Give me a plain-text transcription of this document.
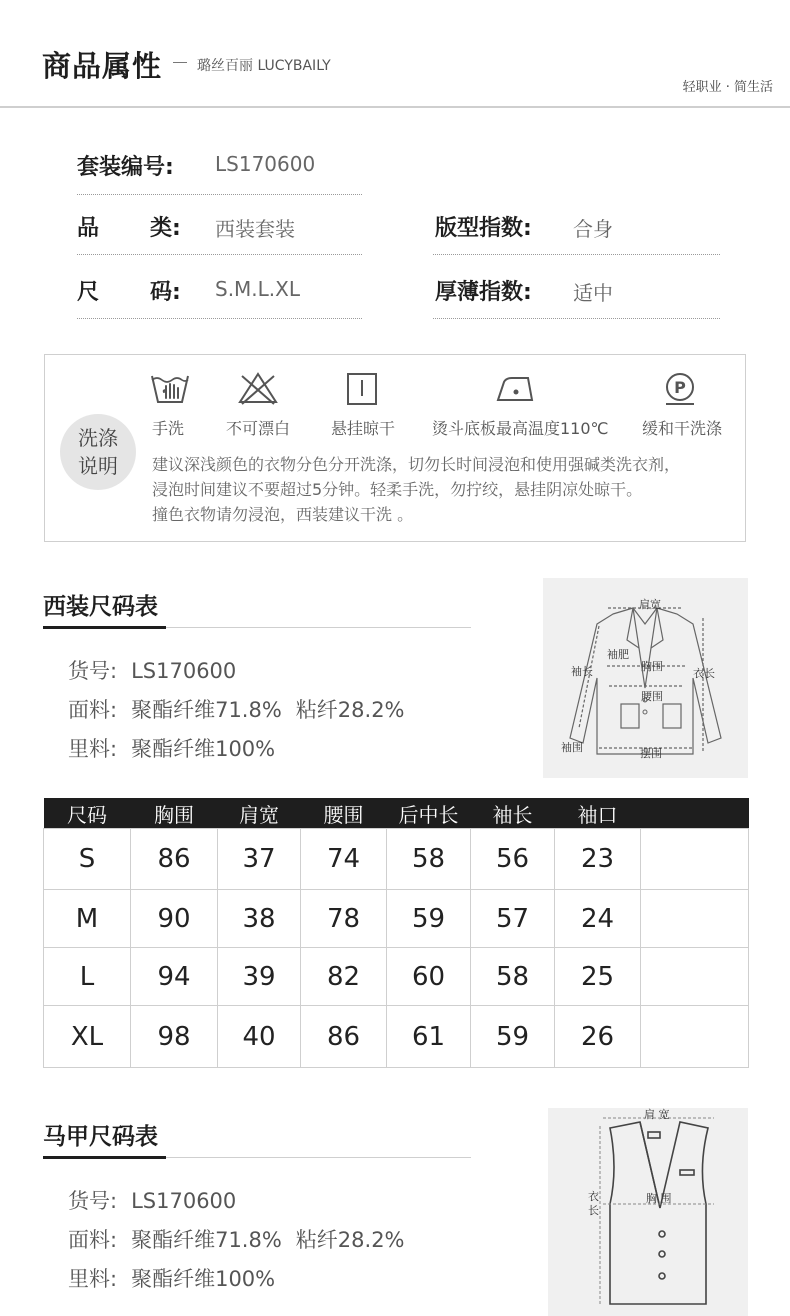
商品属性 璐丝百丽 LUCYBAILY
轻职业 · 简生活
套装编号: LS170600
品 类: 西装套装	版型指数: 合身
尺 码: S.M.L.XL	厚薄指数: 适中
洗涤
说明
P
手洗	不可漂白	悬挂晾干 烫斗底板最高温度110℃ 缓和干洗涤
建议深浅颜色的衣物分色分开洗涤，切勿长时间浸泡和使用强碱类洗衣剂，
浸泡时间建议不要超过5分钟。轻柔手洗，勿拧绞，悬挂阴凉处晾干。
撞色衣物请勿浸泡，西装建议干洗 。
西装尺码表
货号: LS170600
面料: 聚酯纤维71.8% 粘纤28.2%
里料: 聚酯纤维100%
肩宽
袖肥
胸围
袖长	衣长
腰围
袖围	摆围
尺码	胸围	肩宽	腰围	后中长	袖长	袖口	
S	86	37	74	58	56	23	
M	90	38	78	59	57	24	
L	94	39	82	60	58	25	
XL	98	40	86	61	59	26	
马甲尺码表
货号: LS170600
面料: 聚酯纤维71.8% 粘纤28.2%
里料: 聚酯纤维100%
肩 宽
胸 围
衣
长
